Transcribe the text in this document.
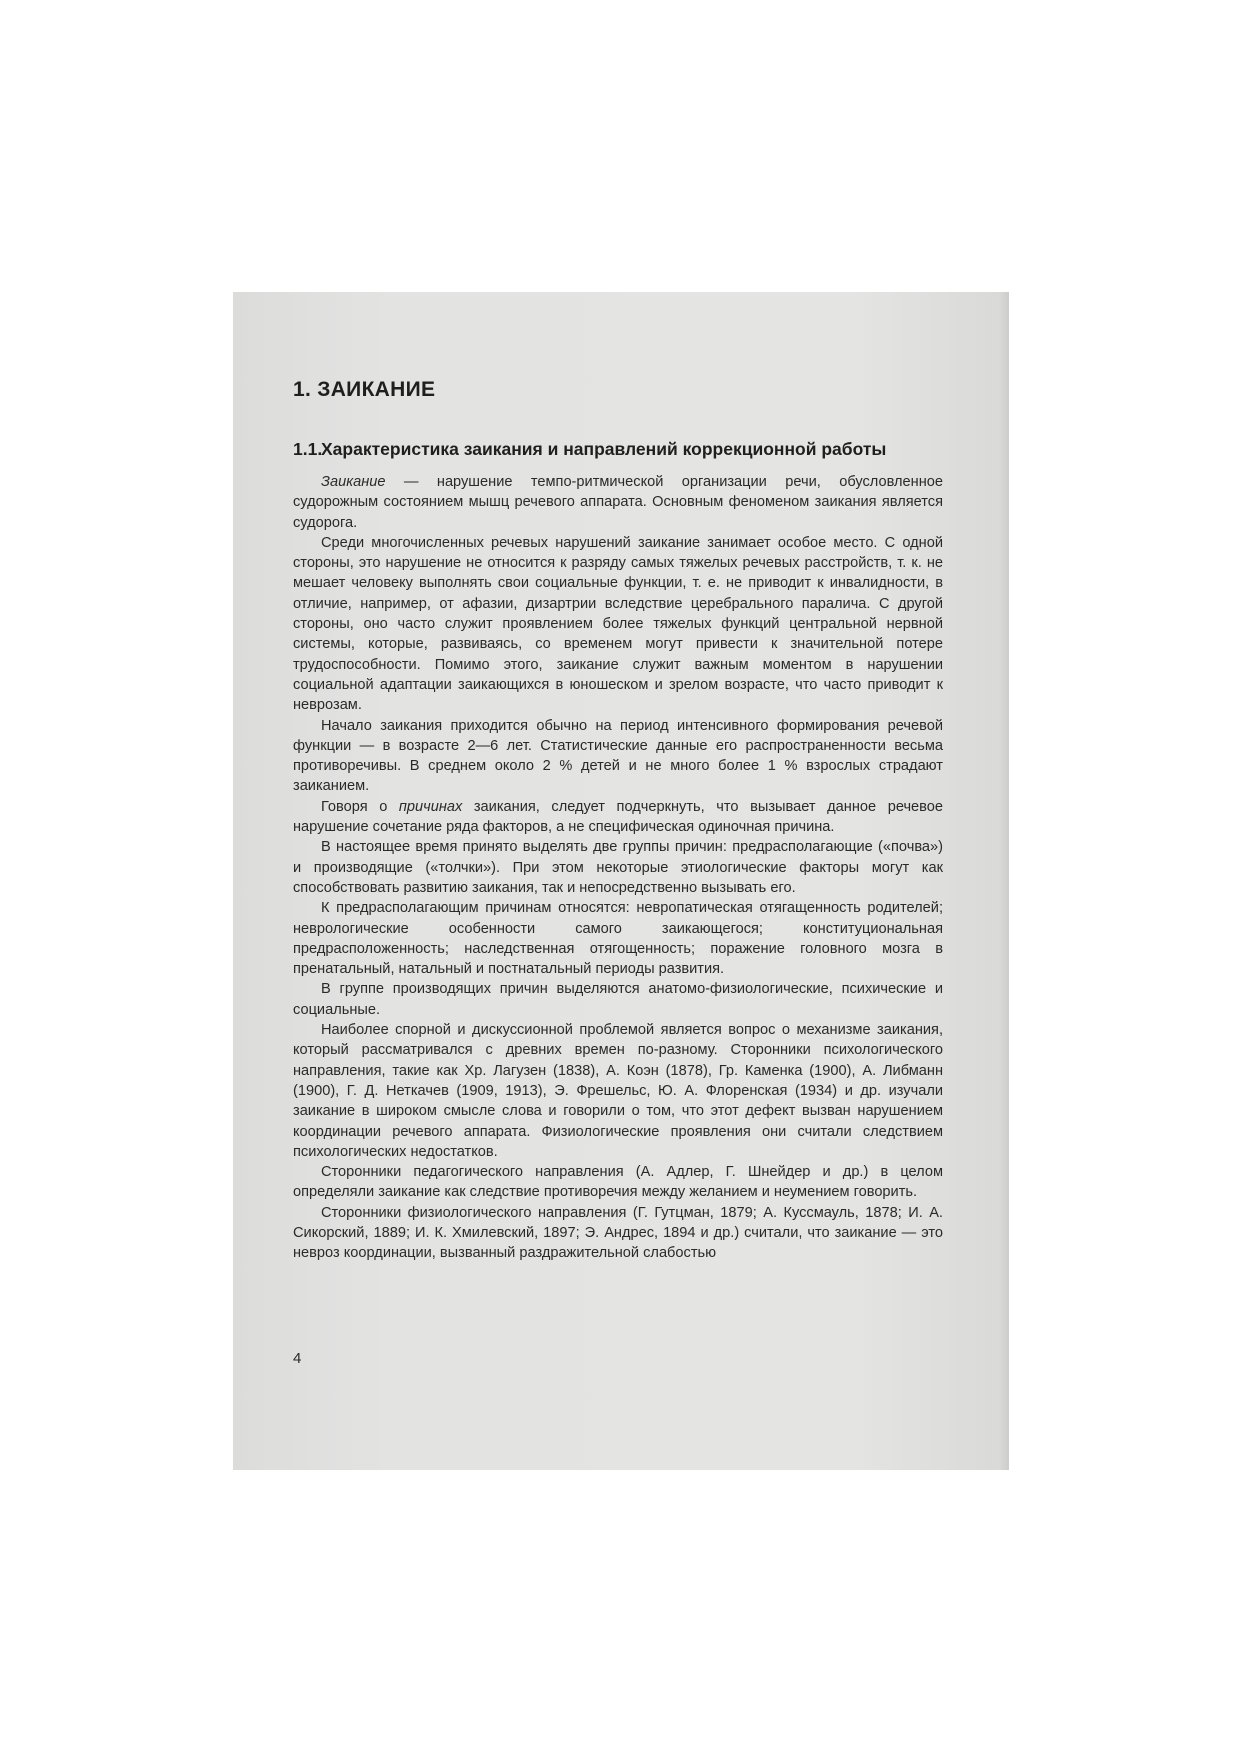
1. ЗАИКАНИЕ
1.1.Характеристика заикания и направлений коррекционной работы

Заикание — нарушение темпо-ритмической организации речи, обусловленное судорожным состоянием мышц речевого аппарата. Основным феноменом заикания является судорога.

Среди многочисленных речевых нарушений заикание занимает особое место. С одной стороны, это нарушение не относится к разряду самых тяжелых речевых расстройств, т. к. не мешает человеку выполнять свои социальные функции, т. е. не приводит к инвалидности, в отличие, например, от афазии, дизартрии вследствие церебрального паралича. С другой стороны, оно часто служит проявлением более тяжелых функций центральной нервной системы, которые, развиваясь, со временем могут привести к значительной потере трудоспособности. Помимо этого, заикание служит важным моментом в нарушении социальной адаптации заикающихся в юношеском и зрелом возрасте, что часто приводит к неврозам.

Начало заикания приходится обычно на период интенсивного формирования речевой функции — в возрасте 2—6 лет. Статистические данные его распространенности весьма противоречивы. В среднем около 2 % детей и не много более 1 % взрослых страдают заиканием.

Говоря о причинах заикания, следует подчеркнуть, что вызывает данное речевое нарушение сочетание ряда факторов, а не специфическая одиночная причина.

В настоящее время принято выделять две группы причин: предрасполагающие («почва») и производящие («толчки»). При этом некоторые этиологические факторы могут как способствовать развитию заикания, так и непосредственно вызывать его.

К предрасполагающим причинам относятся: невропатическая отягащенность родителей; неврологические особенности самого заикающегося; конституциональная предрасположенность; наследственная отягощенность; поражение головного мозга в пренатальный, натальный и постнатальный периоды развития.

В группе производящих причин выделяются анатомо-физиологические, психические и социальные.

Наиболее спорной и дискуссионной проблемой является вопрос о механизме заикания, который рассматривался с древних времен по-разному. Сторонники психологического направления, такие как Хр. Лагузен (1838), А. Коэн (1878), Гр. Каменка (1900), А. Либманн (1900), Г. Д. Неткачев (1909, 1913), Э. Фрешельс, Ю. А. Флоренская (1934) и др. изучали заикание в широком смысле слова и говорили о том, что этот дефект вызван нарушением координации речевого аппарата. Физиологические проявления они считали следствием психологических недостатков.

Сторонники педагогического направления (А. Адлер, Г. Шнейдер и др.) в целом определяли заикание как следствие противоречия между желанием и неумением говорить.

Сторонники физиологического направления (Г. Гутцман, 1879; А. Куссмауль, 1878; И. А. Сикорский, 1889; И. К. Хмилевский, 1897; Э. Андрес, 1894 и др.) считали, что заикание — это невроз координации, вызванный раздражительной слабостью

4
